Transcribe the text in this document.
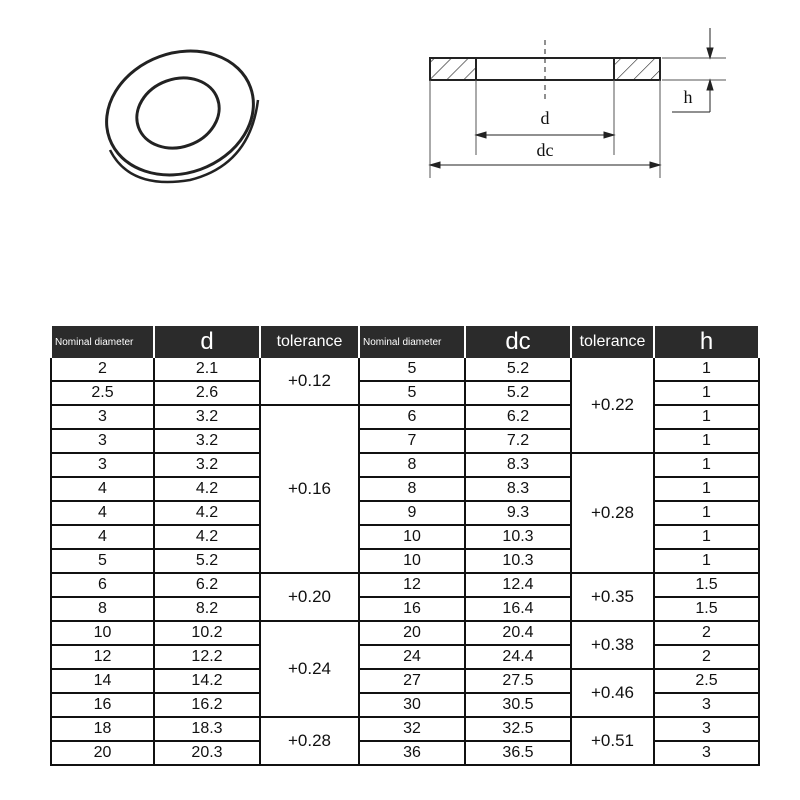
d
dc
h
Nominal diameter	d	tolerance	Nominal diameter	dc	tolerance	h
2	2.1	+0.12	5	5.2	+0.22	1
2.5	2.6		5	5.2		1
3	3.2	+0.16	6	6.2		1
3	3.2		7	7.2		1
3	3.2		8	8.3	+0.28	1
4	4.2		8	8.3		1
4	4.2		9	9.3		1
4	4.2		10	10.3		1
5	5.2		10	10.3		1
6	6.2	+0.20	12	12.4	+0.35	1.5
8	8.2		16	16.4		1.5
10	10.2	+0.24	20	20.4	+0.38	2
12	12.2		24	24.4		2
14	14.2		27	27.5	+0.46	2.5
16	16.2		30	30.5		3
18	18.3	+0.28	32	32.5	+0.51	3
20	20.3		36	36.5		3
